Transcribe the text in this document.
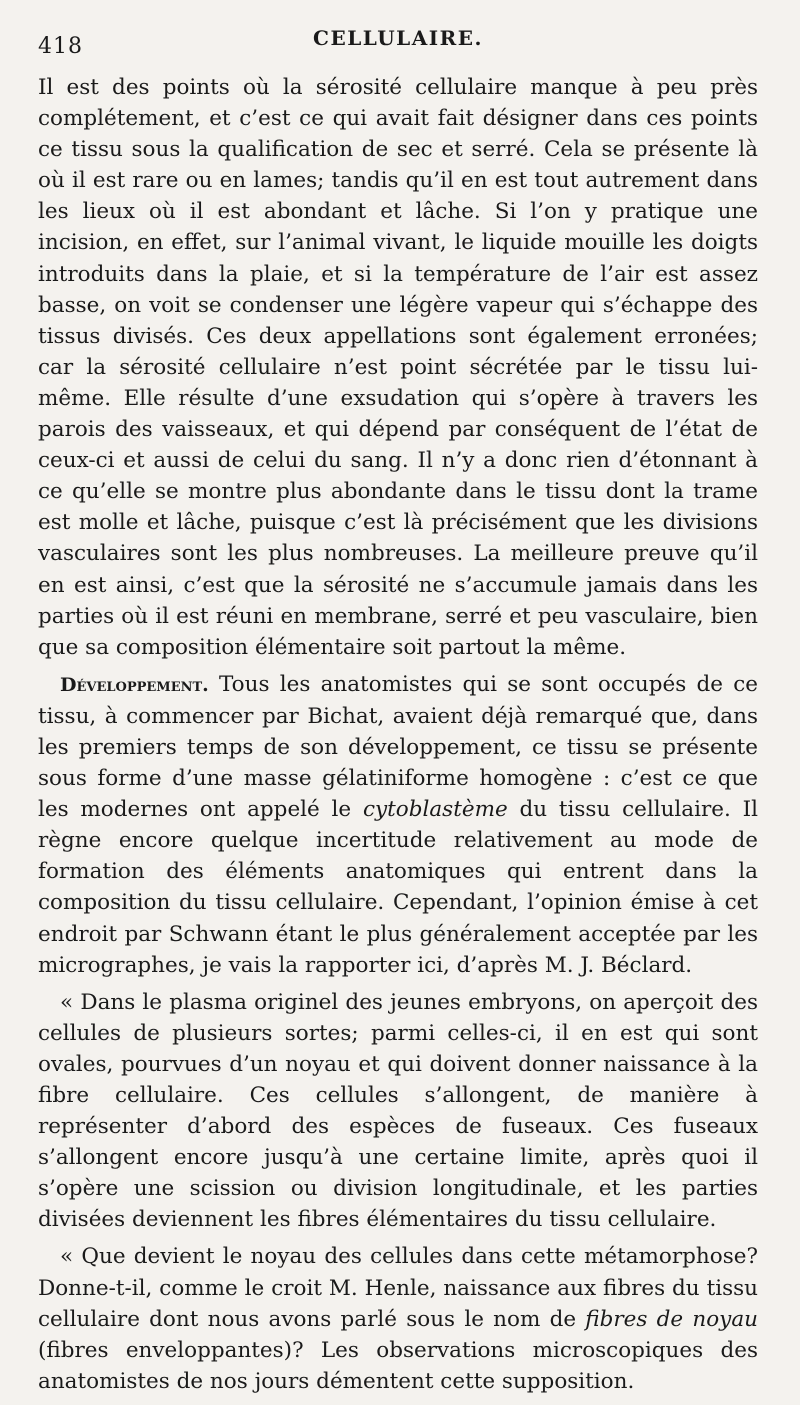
418	CELLULAIRE.

Il est des points où la sérosité cellulaire manque à peu près complétement, et c’est ce qui avait fait désigner dans ces points ce tissu sous la qualification de sec et serré. Cela se présente là où il est rare ou en lames; tandis qu’il en est tout autrement dans les lieux où il est abondant et lâche. Si l’on y pratique une incision, en effet, sur l’animal vivant, le liquide mouille les doigts introduits dans la plaie, et si la température de l’air est assez basse, on voit se condenser une légère vapeur qui s’échappe des tissus divisés. Ces deux appellations sont également erronées; car la sérosité cellulaire n’est point sécrétée par le tissu lui-même. Elle résulte d’une exsudation qui s’opère à travers les parois des vaisseaux, et qui dépend par conséquent de l’état de ceux-ci et aussi de celui du sang. Il n’y a donc rien d’étonnant à ce qu’elle se montre plus abondante dans le tissu dont la trame est molle et lâche, puisque c’est là précisément que les divisions vasculaires sont les plus nombreuses. La meilleure preuve qu’il en est ainsi, c’est que la sérosité ne s’accumule jamais dans les parties où il est réuni en membrane, serré et peu vasculaire, bien que sa composition élémentaire soit partout la même.

Développement. Tous les anatomistes qui se sont occupés de ce tissu, à commencer par Bichat, avaient déjà remarqué que, dans les premiers temps de son développement, ce tissu se présente sous forme d’une masse gélatiniforme homogène : c’est ce que les modernes ont appelé le cytoblastème du tissu cellulaire. Il règne encore quelque incertitude relativement au mode de formation des éléments anatomiques qui entrent dans la composition du tissu cellulaire. Cependant, l’opinion émise à cet endroit par Schwann étant le plus généralement acceptée par les micrographes, je vais la rapporter ici, d’après M. J. Béclard.

« Dans le plasma originel des jeunes embryons, on aperçoit des cellules de plusieurs sortes; parmi celles-ci, il en est qui sont ovales, pourvues d’un noyau et qui doivent donner naissance à la fibre cellulaire. Ces cellules s’allongent, de manière à représenter d’abord des espèces de fuseaux. Ces fuseaux s’allongent encore jusqu’à une certaine limite, après quoi il s’opère une scission ou division longitudinale, et les parties divisées deviennent les fibres élémentaires du tissu cellulaire.

« Que devient le noyau des cellules dans cette métamorphose? Donne-t-il, comme le croit M. Henle, naissance aux fibres du tissu cellulaire dont nous avons parlé sous le nom de fibres de noyau (fibres enveloppantes)? Les observations microscopiques des anatomistes de nos jours démentent cette supposition.
